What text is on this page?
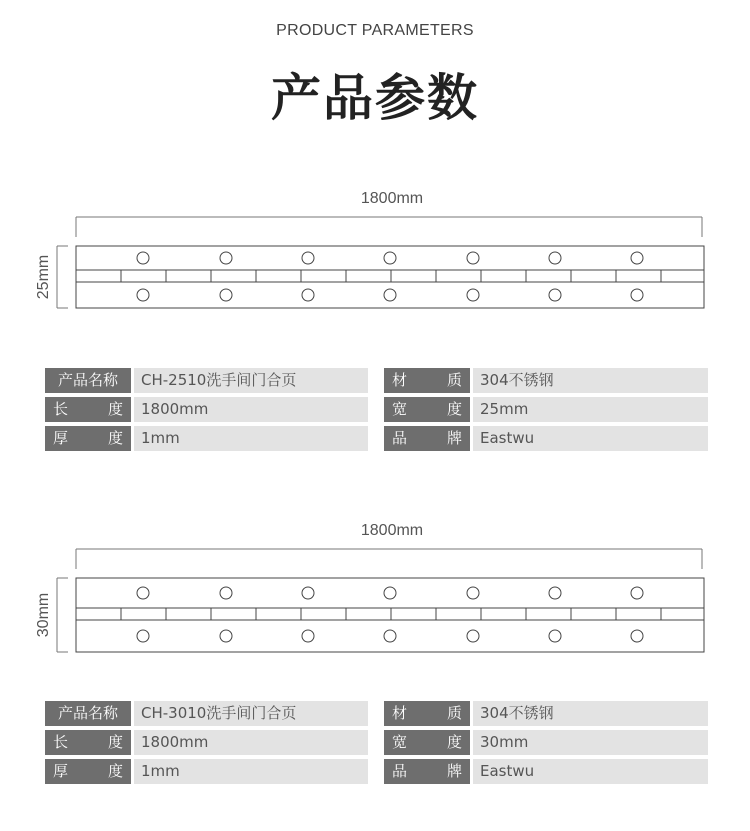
PRODUCT PARAMETERS
产品参数
1800mm
25mm
产品名称	CH-2510洗手间门合页	材	质	304不锈钢
长	度	1800mm	宽	度	25mm
厚	度	1mm	品	牌	Eastwu
1800mm
30mm
产品名称	CH-3010洗手间门合页	材	质	304不锈钢
长	度	1800mm	宽	度	30mm
厚	度	1mm	品	牌	Eastwu
